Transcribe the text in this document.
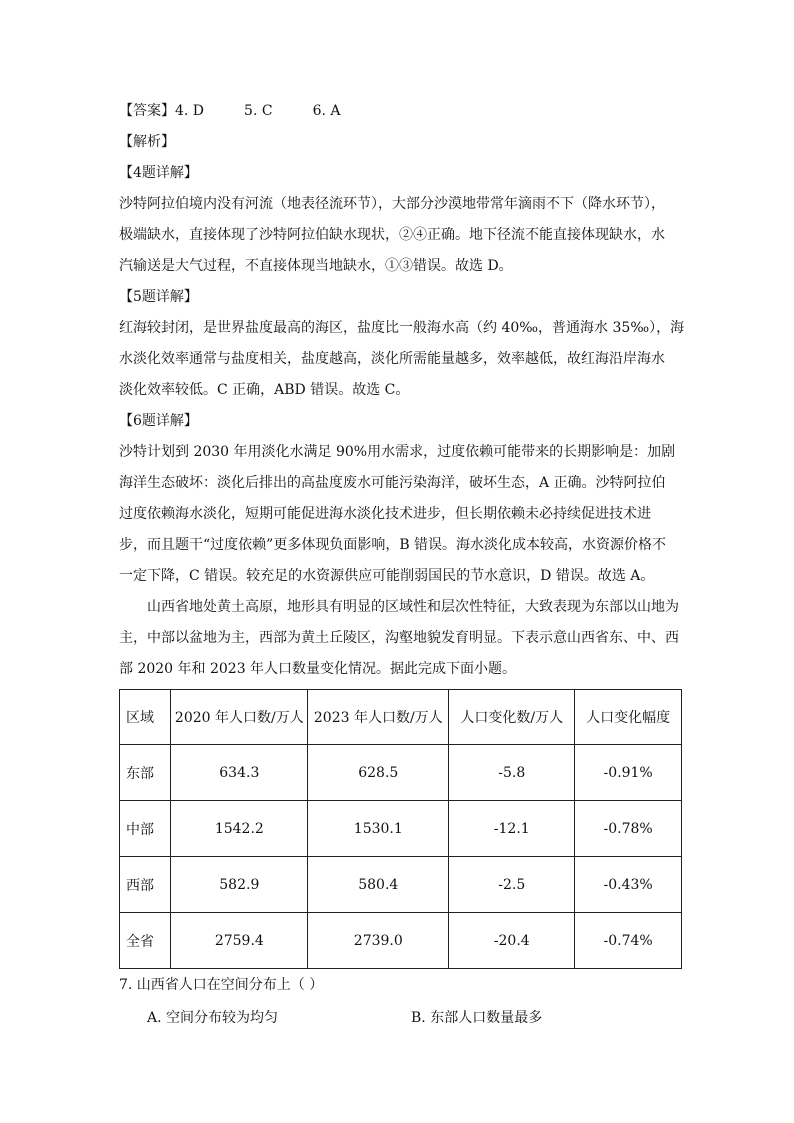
【答案】4. D	5. C	6. A
【解析】
【4题详解】
沙特阿拉伯境内没有河流（地表径流环节），大部分沙漠地带常年滴雨不下（降水环节），
极端缺水，直接体现了沙特阿拉伯缺水现状，②④正确。地下径流不能直接体现缺水，水
汽输送是大气过程，不直接体现当地缺水，①③错误。故选 D。
【5题详解】
红海较封闭，是世界盐度最高的海区，盐度比一般海水高（约 40‰，普通海水 35‰），海
水淡化效率通常与盐度相关，盐度越高，淡化所需能量越多，效率越低，故红海沿岸海水
淡化效率较低。C 正确，ABD 错误。故选 C。
【6题详解】
沙特计划到 2030 年用淡化水满足 90%用水需求，过度依赖可能带来的长期影响是：加剧
海洋生态破坏：淡化后排出的高盐度废水可能污染海洋，破坏生态，A 正确。沙特阿拉伯
过度依赖海水淡化，短期可能促进海水淡化技术进步，但长期依赖未必持续促进技术进
步，而且题干“过度依赖”更多体现负面影响，B 错误。海水淡化成本较高，水资源价格不
一定下降，C 错误。较充足的水资源供应可能削弱国民的节水意识，D 错误。故选 A。
山西省地处黄土高原，地形具有明显的区域性和层次性特征，大致表现为东部以山地为
主，中部以盆地为主，西部为黄土丘陵区，沟壑地貌发育明显。下表示意山西省东、中、西
部 2020 年和 2023 年人口数量变化情况。据此完成下面小题。
区域	2020 年人口数/万人	2023 年人口数/万人	人口变化数/万人	人口变化幅度
东部	634.3	628.5	-5.8	-0.91%
中部	1542.2	1530.1	-12.1	-0.78%
西部	582.9	580.4	-2.5	-0.43%
全省	2759.4	2739.0	-20.4	-0.74%
7. 山西省人口在空间分布上（ ）
A. 空间分布较为均匀	B. 东部人口数量最多
